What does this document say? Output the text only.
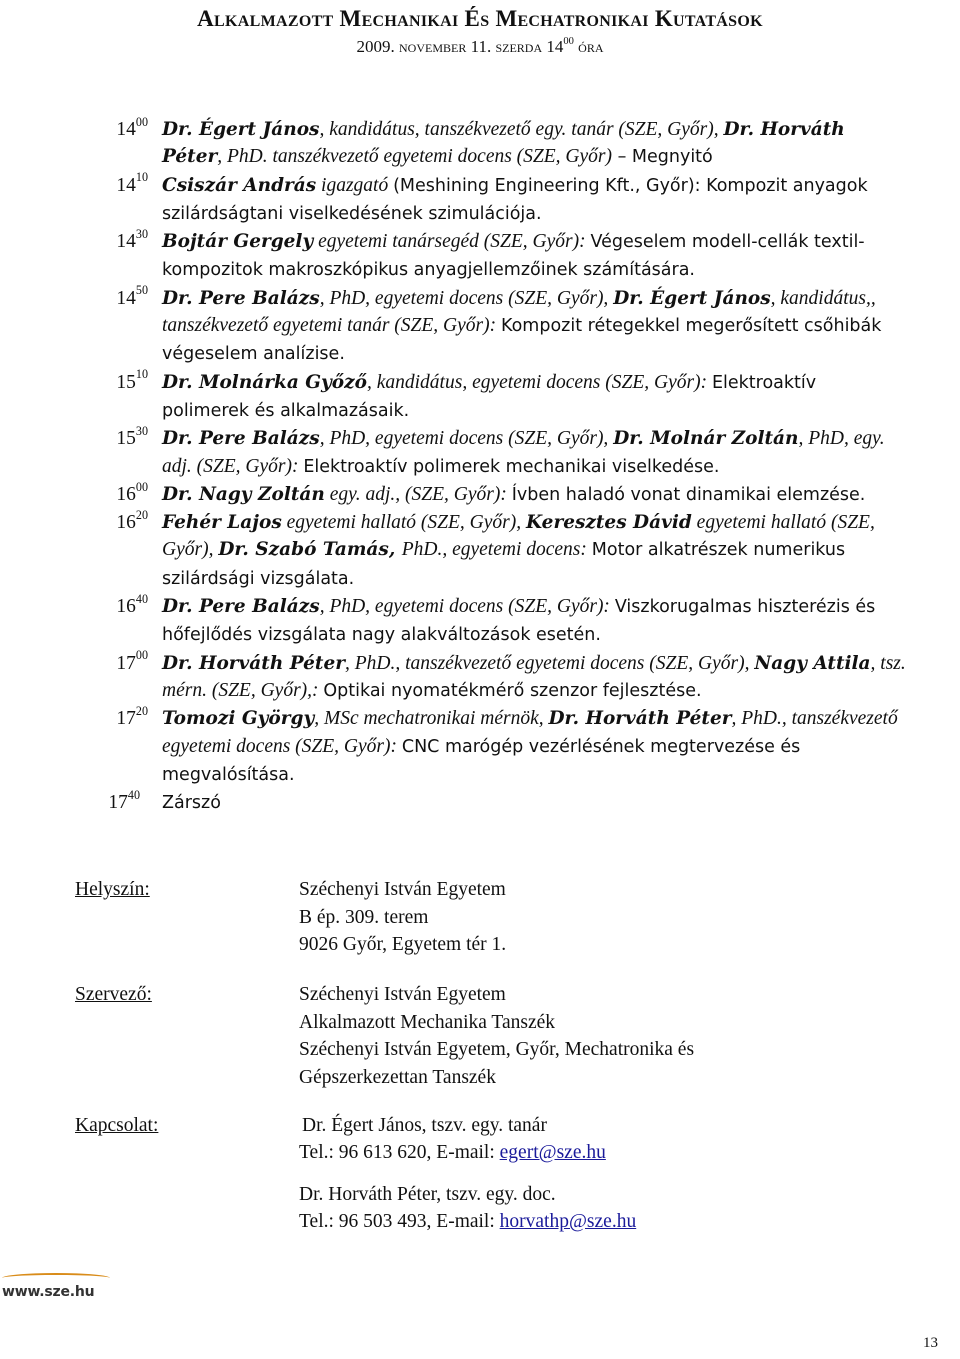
Alkalmazott Mechanikai És Mechatronikai Kutatások
2009. november 11. szerda $14^{00}$ óra
$14^{00}$ Dr. Égert János, kandidátus, tanszékvezető egy. tanár (SZE, Győr), Dr. Horváth Péter, PhD. tanszékvezető egyetemi docens (SZE, Győr) – Megnyitó
$14^{10}$ Csiszár András igazgató (Meshining Engineering Kft., Győr): Kompozit anyagok szilárdságtani viselkedésének szimulációja.
$14^{30}$ Bojtár Gergely egyetemi tanársegéd (SZE, Győr): Végeselem modell-cellák textil-kompozitok makroszkópikus anyagjellemzőinek számítására.
$14^{50}$ Dr. Pere Balázs, PhD, egyetemi docens (SZE, Győr), Dr. Égert János, kandidátus,, tanszékvezető egyetemi tanár (SZE, Győr): Kompozit rétegekkel megerősített csőhibák végeselem analízise.
$15^{10}$ Dr. Molnárka Győző, kandidátus, egyetemi docens (SZE, Győr): Elektroaktív polimerek és alkalmazásaik.
$15^{30}$ Dr. Pere Balázs, PhD, egyetemi docens (SZE, Győr), Dr. Molnár Zoltán, PhD, egy. adj. (SZE, Győr): Elektroaktív polimerek mechanikai viselkedése.
$16^{00}$ Dr. Nagy Zoltán egy. adj., (SZE, Győr): Ívben haladó vonat dinamikai elemzése.
$16^{20}$ Fehér Lajos egyetemi hallató (SZE, Győr), Keresztes Dávid egyetemi hallató (SZE, Győr), Dr. Szabó Tamás, PhD., egyetemi docens: Motor alkatrészek numerikus szilárdsági vizsgálata.
$16^{40}$ Dr. Pere Balázs, PhD, egyetemi docens (SZE, Győr): Viszkorugalmas hiszterézis és hőfejlődés vizsgálata nagy alakváltozások esetén.
$17^{00}$ Dr. Horváth Péter, PhD., tanszékvezető egyetemi docens (SZE, Győr), Nagy Attila, tsz. mérn. (SZE, Győr),: Optikai nyomatékmérő szenzor fejlesztése.
$17^{20}$ Tomozi György, MSc mechatronikai mérnök, Dr. Horváth Péter, PhD., tanszékvezető egyetemi docens (SZE, Győr): CNC marógép vezérlésének megtervezése és megvalósítása.
$17^{40}$ Zárszó
Helyszín:	Széchenyi István Egyetem
B ép. 309. terem
9026 Győr, Egyetem tér 1.
Szervező:	Széchenyi István Egyetem
Alkalmazott Mechanika Tanszék
Széchenyi István Egyetem, Győr, Mechatronika és
Gépszerkezettan Tanszék
Kapcsolat:	Dr. Égert János, tszv. egy. tanár
Tel.: 96 613 620, E-mail: egert@sze.hu
Dr. Horváth Péter, tszv. egy. doc.
Tel.: 96 503 493, E-mail: horvathp@sze.hu
www.sze.hu
13
